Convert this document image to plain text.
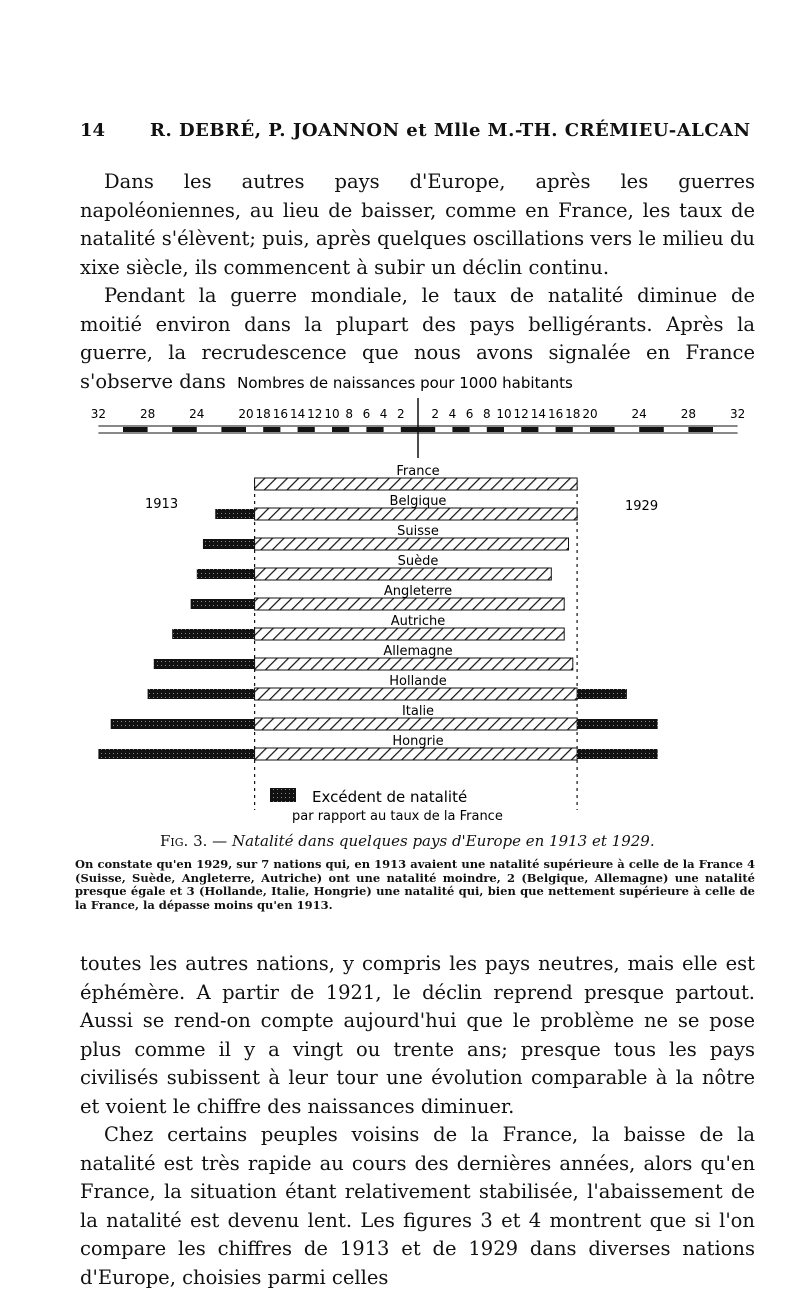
14 R. DEBRÉ, P. JOANNON et Mlle M.-TH. CRÉMIEU-ALCAN

Dans les autres pays d'Europe, après les guerres napoléoniennes, au lieu de baisser, comme en France, les taux de natalité s'élèvent; puis, après quelques oscillations vers le milieu du xixe siècle, ils commencent à subir un déclin continu.

Pendant la guerre mondiale, le taux de natalité diminue de moitié environ dans la plupart des pays belligérants. Après la guerre, la recrudescence que nous avons signalée en France s'observe dans Nombres de naissances pour 1000 habitants
32	28	24	20 18 16 14 12 10 8 6 4 2 2 4 6 8 10 12 14 16 18 20	24	28	32
1913	1929
France
Belgique
Suisse
Suède
Angleterre
Autriche
Allemagne
Hollande
Italie
Hongrie
Excédent de natalité
par rapport au taux de la France
Fig. 3. — Natalité dans quelques pays d'Europe en 1913 et 1929.
On constate qu'en 1929, sur 7 nations qui, en 1913 avaient une natalité supérieure à celle de la France 4 (Suisse, Suède, Angleterre, Autriche) ont une natalité moindre, 2 (Belgique, Allemagne) une natalité presque égale et 3 (Hollande, Italie, Hongrie) une natalité qui, bien que nettement supérieure à celle de la France, la dépasse moins qu'en 1913.

toutes les autres nations, y compris les pays neutres, mais elle est éphémère. A partir de 1921, le déclin reprend presque partout. Aussi se rend-on compte aujourd'hui que le problème ne se pose plus comme il y a vingt ou trente ans; presque tous les pays civilisés subissent à leur tour une évolution comparable à la nôtre et voient le chiffre des naissances diminuer.

Chez certains peuples voisins de la France, la baisse de la natalité est très rapide au cours des dernières années, alors qu'en France, la situation étant relativement stabilisée, l'abaissement de la natalité est devenu lent. Les figures 3 et 4 montrent que si l'on compare les chiffres de 1913 et de 1929 dans diverses nations d'Europe, choisies parmi celles
